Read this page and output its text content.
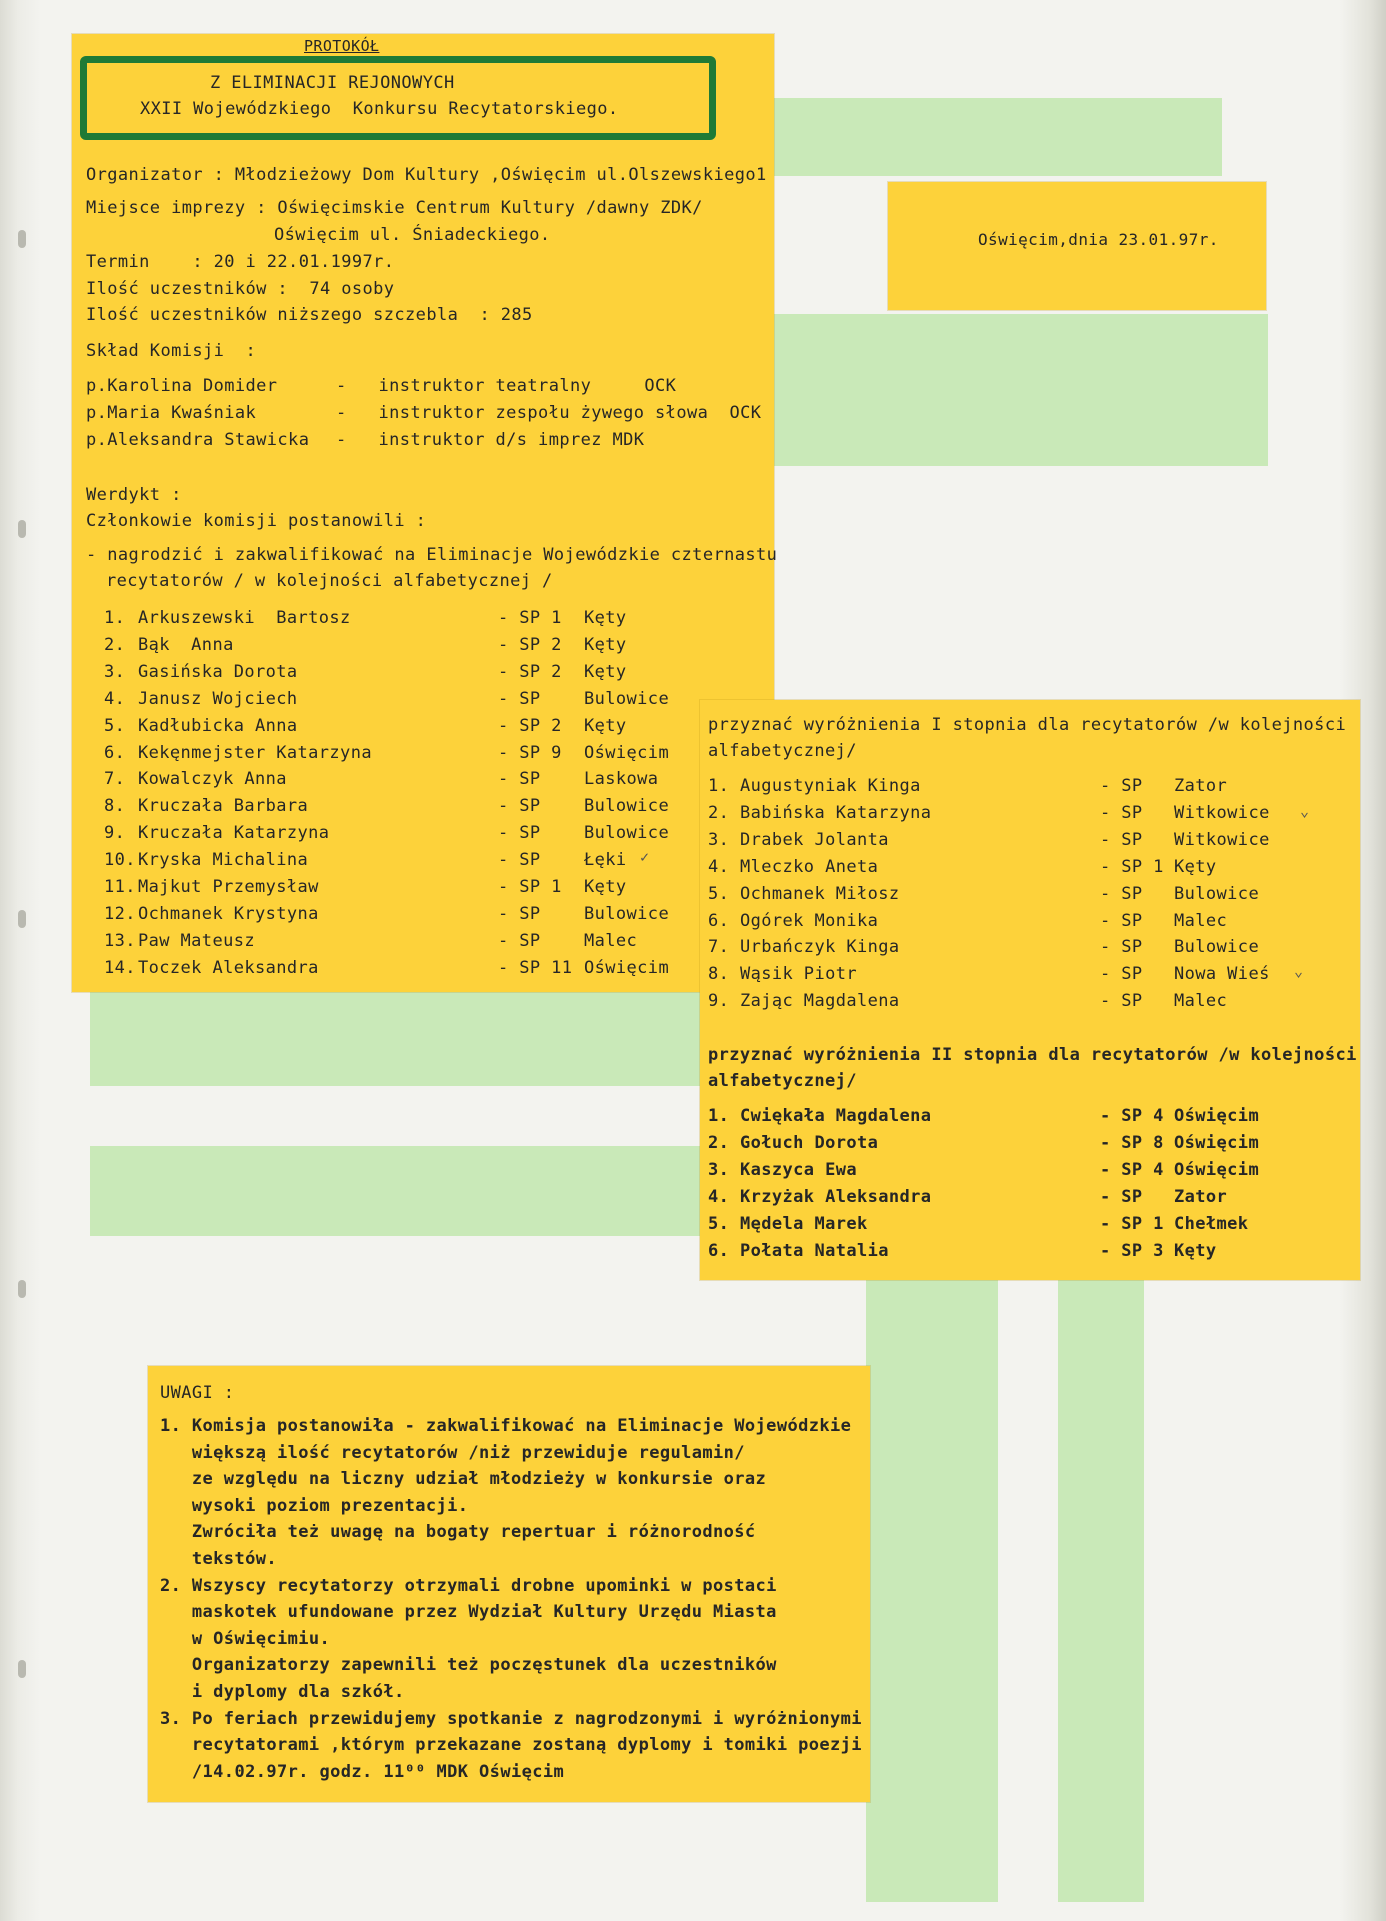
PROTOKÓŁ
Z ELIMINACJI REJONOWYCH
XXII Wojewódzkiego  Konkursu Recytatorskiego.
Organizator : Młodzieżowy Dom Kultury ,Oświęcim ul.Olszewskiego1
Miejsce imprezy : Oświęcimskie Centrum Kultury /dawny ZDK/
Oświęcim ul. Śniadeckiego.
Termin    : 20 i 22.01.1997r.
Ilość uczestników :  74 osoby
Ilość uczestników niższego szczebla  : 285
Skład Komisji  :
p.Karolina Domider	-   instruktor teatralny     OCK
p.Maria Kwaśniak	-   instruktor zespołu żywego słowa  OCK
p.Aleksandra Stawicka -   instruktor d/s imprez MDK
Werdykt :
Członkowie komisji postanowili :
- nagrodzić i zakwalifikować na Eliminacje Wojewódzkie czternastu
recytatorów / w kolejności alfabetycznej /
1. Arkuszewski  Bartosz	- SP 1 Kęty
2. Bąk  Anna	- SP 2 Kęty
3. Gasińska Dorota	- SP 2 Kęty
4. Janusz Wojciech	- SP	Bulowice
5. Kadłubicka Anna	- SP 2 Kęty
6. Kekęnmejster Katarzyna	- SP 9 Oświęcim
7. Kowalczyk Anna	- SP	Laskowa
8. Kruczała Barbara	- SP	Bulowice
9. Kruczała Katarzyna	- SP	Bulowice
10. Kryska Michalina	- SP	Łęki
11. Majkut Przemysław	- SP 1 Kęty
12. Ochmanek Krystyna	- SP	Bulowice
13. Paw Mateusz	- SP	Malec
14. Toczek Aleksandra	- SP 11 Oświęcim
✓
Oświęcim,dnia 23.01.97r.
przyznać wyróżnienia I stopnia dla recytatorów /w kolejności
alfabetycznej/
1. Augustyniak Kinga	- SP Zator
2. Babińska Katarzyna	- SP Witkowice
3. Drabek Jolanta	- SP Witkowice
4. Mleczko Aneta	- SP 1 Kęty
5. Ochmanek Miłosz	- SP Bulowice
6. Ogórek Monika	- SP Malec
7. Urbańczyk Kinga	- SP Bulowice
8. Wąsik Piotr	- SP Nowa Wieś
9. Zając Magdalena	- SP Malec
⌄
⌄
przyznać wyróżnienia II stopnia dla recytatorów /w kolejności
alfabetycznej/
1. Cwiękała Magdalena	- SP 4 Oświęcim
2. Gołuch Dorota	- SP 8 Oświęcim
3. Kaszyca Ewa	- SP 4 Oświęcim
4. Krzyżak Aleksandra	- SP Zator
5. Mędela Marek	- SP 1 Chełmek
6. Połata Natalia	- SP 3 Kęty
UWAGI :
1. Komisja postanowiła - zakwalifikować na Eliminacje Wojewódzkie
większą ilość recytatorów /niż przewiduje regulamin/
ze względu na liczny udział młodzieży w konkursie oraz
wysoki poziom prezentacji.
Zwróciła też uwagę na bogaty repertuar i różnorodność
tekstów.
2. Wszyscy recytatorzy otrzymali drobne upominki w postaci
maskotek ufundowane przez Wydział Kultury Urzędu Miasta
w Oświęcimiu.
Organizatorzy zapewnili też poczęstunek dla uczestników
i dyplomy dla szkół.
3. Po feriach przewidujemy spotkanie z nagrodzonymi i wyróżnionymi
recytatorami ,którym przekazane zostaną dyplomy i tomiki poezji
/14.02.97r. godz. 11⁰⁰ MDK Oświęcim
